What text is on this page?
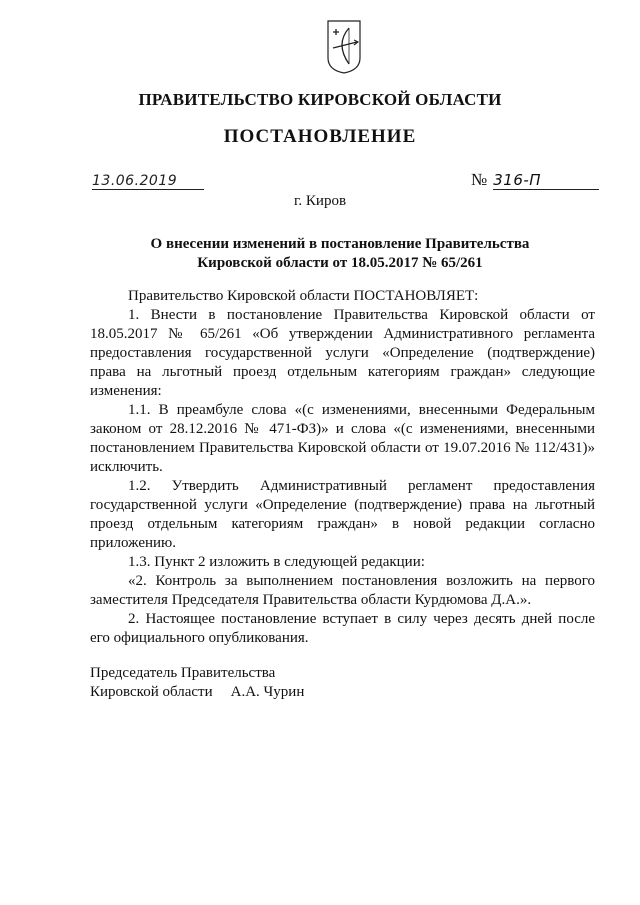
ПРАВИТЕЛЬСТВО КИРОВСКОЙ ОБЛАСТИ
ПОСТАНОВЛЕНИЕ
13.06.2019	№ 316-П
г. Киров
О внесении изменений в постановление Правительства
Кировской области от 18.05.2017 № 65/261

Правительство Кировской области ПОСТАНОВЛЯЕТ:

1. Внести в постановление Правительства Кировской области от 18.05.2017 № 65/261 «Об утверждении Административного регламента предоставления государственной услуги «Определение (подтверждение) права на льготный проезд отдельным категориям граждан» следующие изменения:

1.1. В преамбуле слова «(с изменениями, внесенными Федеральным законом от 28.12.2016 № 471-ФЗ)» и слова «(с изменениями, внесенными постановлением Правительства Кировской области от 19.07.2016 № 112/431)» исключить.

1.2. Утвердить Административный регламент предоставления государственной услуги «Определение (подтверждение) права на льготный проезд отдельным категориям граждан» в новой редакции согласно приложению.

1.3. Пункт 2 изложить в следующей редакции:

«2. Контроль за выполнением постановления возложить на первого заместителя Председателя Правительства области Курдюмова Д.А.».

2. Настоящее постановление вступает в силу через десять дней после его официального опубликования.

Председатель Правительства
Кировской области А.А. Чурин
